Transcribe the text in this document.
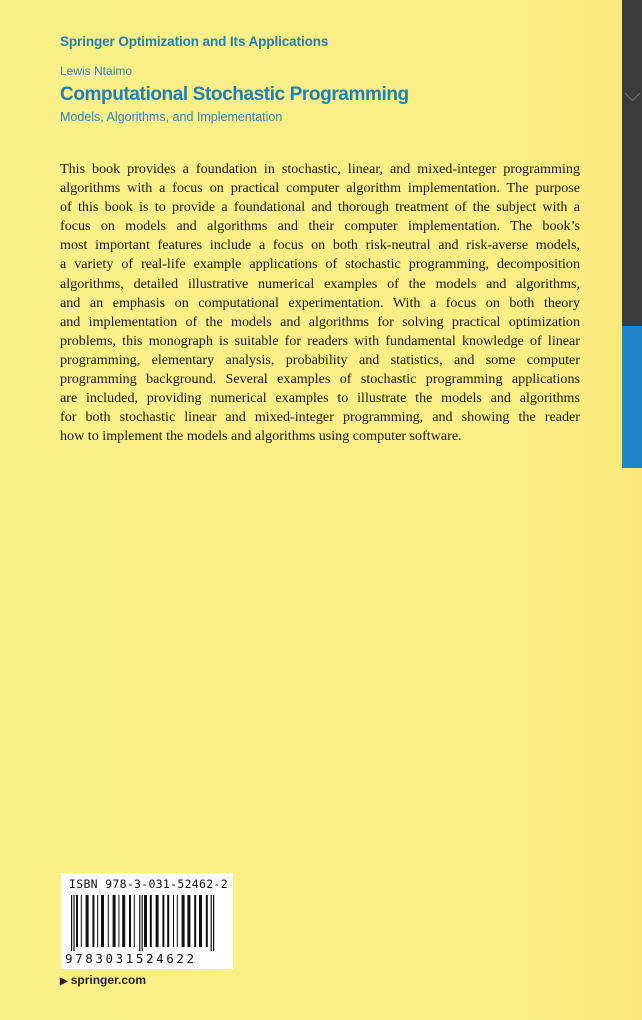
Springer Optimization and Its Applications
Lewis Ntaimo
Computational Stochastic Programming
Models, Algorithms, and Implementation
This book provides a foundation in stochastic, linear, and mixed-integer programming
algorithms with a focus on practical computer algorithm implementation. The purpose
of this book is to provide a foundational and thorough treatment of the subject with a
focus on models and algorithms and their computer implementation. The book’s
most important features include a focus on both risk-neutral and risk-averse models,
a variety of real-life example applications of stochastic programming, decomposition
algorithms, detailed illustrative numerical examples of the models and algorithms,
and an emphasis on computational experimentation. With a focus on both theory
and implementation of the models and algorithms for solving practical optimization
problems, this monograph is suitable for readers with fundamental knowledge of linear
programming, elementary analysis, probability and statistics, and some computer
programming background. Several examples of stochastic programming applications
are included, providing numerical examples to illustrate the models and algorithms
for both stochastic linear and mixed-integer programming, and showing the reader
how to implement the models and algorithms using computer software.
ISBN 978-3-031-52462-2
9783031524622
▶ springer.com
